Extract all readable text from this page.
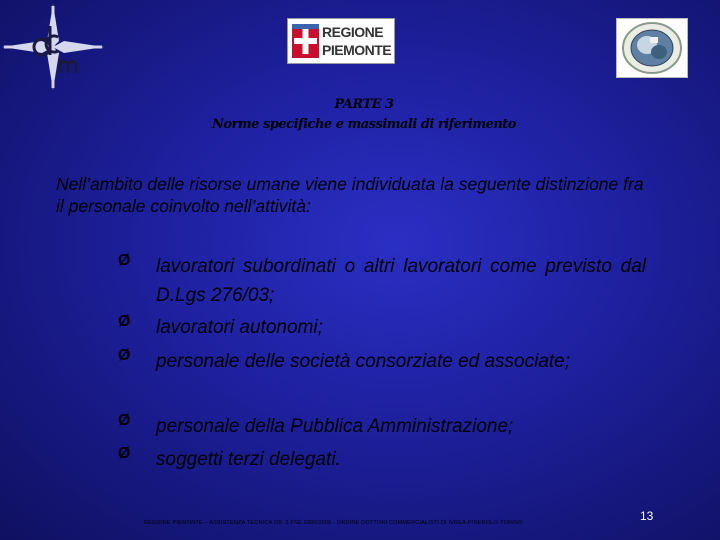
REGIONE
PIEMONTE
PARTE 3
Norme specifiche e massimali di riferimento
Nell’ambito delle risorse umane viene individuata la seguente distinzione fra il personale coinvolto nell’attività:
Ø lavoratori subordinati o altri lavoratori come previsto dal D.Lgs 276/03;
Ø lavoratori autonomi;
Ø personale delle società consorziate ed associate;
Ø personale della Pubblica Amministrazione;
Ø soggetti terzi delegati.
REGIONE PIEMONTE – ASSISTENZA TECNICA OB. 3 FSE 2000/2006 - ORDINE DOTTORI COMMERCIALISTI DI IVREA-PINEROLO-TORINO	13
